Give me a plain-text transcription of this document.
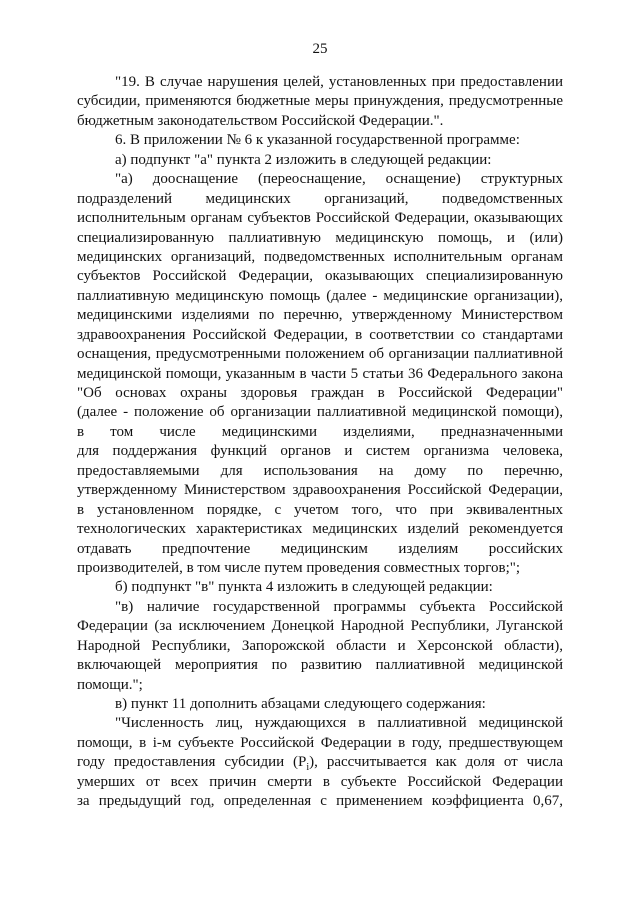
25
"19. В случае нарушения целей, установленных при предоставлении
субсидии, применяются бюджетные меры принуждения, предусмотренные
бюджетным законодательством Российской Федерации.".
6. В приложении № 6 к указанной государственной программе:
а) подпункт "а" пункта 2 изложить в следующей редакции:
"а) дооснащение (переоснащение, оснащение) структурных
подразделений медицинских организаций, подведомственных
исполнительным органам субъектов Российской Федерации, оказывающих
специализированную паллиативную медицинскую помощь, и (или)
медицинских организаций, подведомственных исполнительным органам
субъектов Российской Федерации, оказывающих специализированную
паллиативную медицинскую помощь (далее - медицинские организации),
медицинскими изделиями по перечню, утвержденному Министерством
здравоохранения Российской Федерации, в соответствии со стандартами
оснащения, предусмотренными положением об организации паллиативной
медицинской помощи, указанным в части 5 статьи 36 Федерального закона
"Об основах охраны здоровья граждан в Российской Федерации"
(далее - положение об организации паллиативной медицинской помощи),
в том числе медицинскими изделиями, предназначенными
для поддержания функций органов и систем организма человека,
предоставляемыми для использования на дому по перечню,
утвержденному Министерством здравоохранения Российской Федерации,
в установленном порядке, с учетом того, что при эквивалентных
технологических характеристиках медицинских изделий рекомендуется
отдавать предпочтение медицинским изделиям российских
производителей, в том числе путем проведения совместных торгов;";
б) подпункт "в" пункта 4 изложить в следующей редакции:
"в) наличие государственной программы субъекта Российской
Федерации (за исключением Донецкой Народной Республики, Луганской
Народной Республики, Запорожской области и Херсонской области),
включающей мероприятия по развитию паллиативной медицинской
помощи.";
в) пункт 11 дополнить абзацами следующего содержания:
"Численность лиц, нуждающихся в паллиативной медицинской
помощи, в i-м субъекте Российской Федерации в году, предшествующем
году предоставления субсидии $(P_i)$, рассчитывается как доля от числа
умерших от всех причин смерти в субъекте Российской Федерации
за предыдущий год, определенная с применением коэффициента 0,67,
